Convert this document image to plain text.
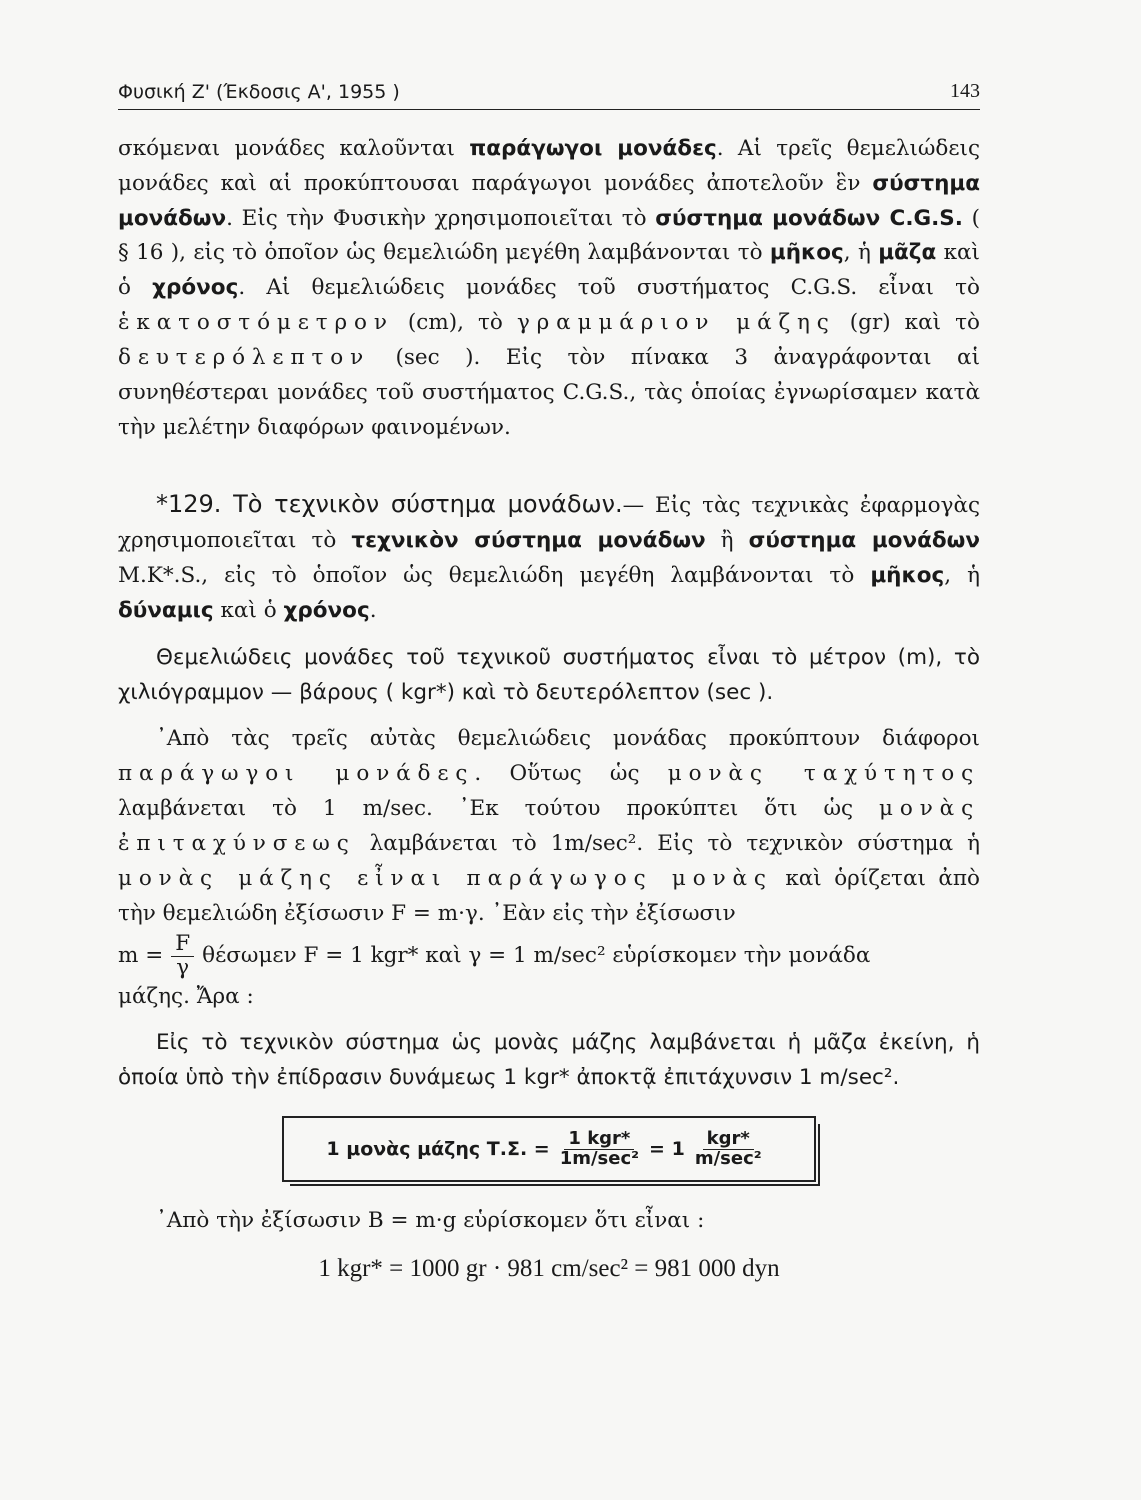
Φυσική Ζ' (Έκδοσις Α', 1955 )	143

σκόμεναι μονάδες καλοῦνται παράγωγοι μονάδες. Αἱ τρεῖς θεμελιώδεις μονάδες καὶ αἱ προκύπτουσαι παράγωγοι μονάδες ἀποτελοῦν ἓν σύστημα μονάδων. Εἰς τὴν Φυσικὴν χρησιμοποιεῖται τὸ σύστημα μονάδων C.G.S. ( § 16 ), εἰς τὸ ὁποῖον ὡς θεμελιώδη μεγέθη λαμβάνονται τὸ μῆκος, ἡ μᾶζα καὶ ὁ χρόνος. Αἱ θεμελιώδεις μονάδες τοῦ συστήματος C.G.S. εἶναι τὸ ἑκατοστόμετρον (cm), τὸ γραμμάριον μάζης (gr) καὶ τὸ δευτερόλεπτον (sec ). Εἰς τὸν πίνακα 3 ἀναγράφονται αἱ συνηθέστεραι μονάδες τοῦ συστήματος C.G.S., τὰς ὁποίας ἐγνωρίσαμεν κατὰ τὴν μελέτην διαφόρων φαινομένων.

*129. Τὸ τεχνικὸν σύστημα μονάδων.— Εἰς τὰς τεχνικὰς ἐφαρμογὰς χρησιμοποιεῖται τὸ τεχνικὸν σύστημα μονάδων ἢ σύστημα μονάδων M.K*.S., εἰς τὸ ὁποῖον ὡς θεμελιώδη μεγέθη λαμβάνονται τὸ μῆκος, ἡ δύναμις καὶ ὁ χρόνος.

Θεμελιώδεις μονάδες τοῦ τεχνικοῦ συστήματος εἶναι τὸ μέτρον (m), τὸ χιλιόγραμμον — βάρους ( kgr*) καὶ τὸ δευτερόλεπτον (sec ).

᾿Απὸ τὰς τρεῖς αὐτὰς θεμελιώδεις μονάδας προκύπτουν διάφοροι παράγωγοι μονάδες. Οὕτως ὡς μονὰς ταχύτητος λαμβάνεται τὸ 1 m/sec. ᾿Εκ τούτου προκύπτει ὅτι ὡς μονὰς ἐπιταχύνσεως λαμβάνεται τὸ 1m/sec². Εἰς τὸ τεχνικὸν σύστημα ἡ μονὰς μάζης εἶναι παράγωγος μονὰς καὶ ὁρίζεται ἀπὸ τὴν θεμελιώδη ἐξίσωσιν F = m·γ. ᾿Εὰν εἰς τὴν ἐξίσωσιν

$m = \frac{F}{\gamma}$ θέσωμεν F = 1 kgr* καὶ γ = 1 m/sec² εὑρίσκομεν τὴν μονάδα

μάζης. Ἄρα :

Εἰς τὸ τεχνικὸν σύστημα ὡς μονὰς μάζης λαμβάνεται ἡ μᾶζα ἐκείνη, ἡ ὁποία ὑπὸ τὴν ἐπίδρασιν δυνάμεως 1 kgr* ἀποκτᾷ ἐπιτάχυνσιν 1 m/sec².

1 μονὰς μάζης Τ.Σ. = $\frac{\text{1 kgr*}}{\text{1m/sec²}} = 1 \frac{\text{kgr*}}{\text{m/sec²}}$

᾿Απὸ τὴν ἐξίσωσιν Β = m·g εὑρίσκομεν ὅτι εἶναι :

1 kgr* = 1000 gr · 981 cm/sec² = 981 000 dyn
